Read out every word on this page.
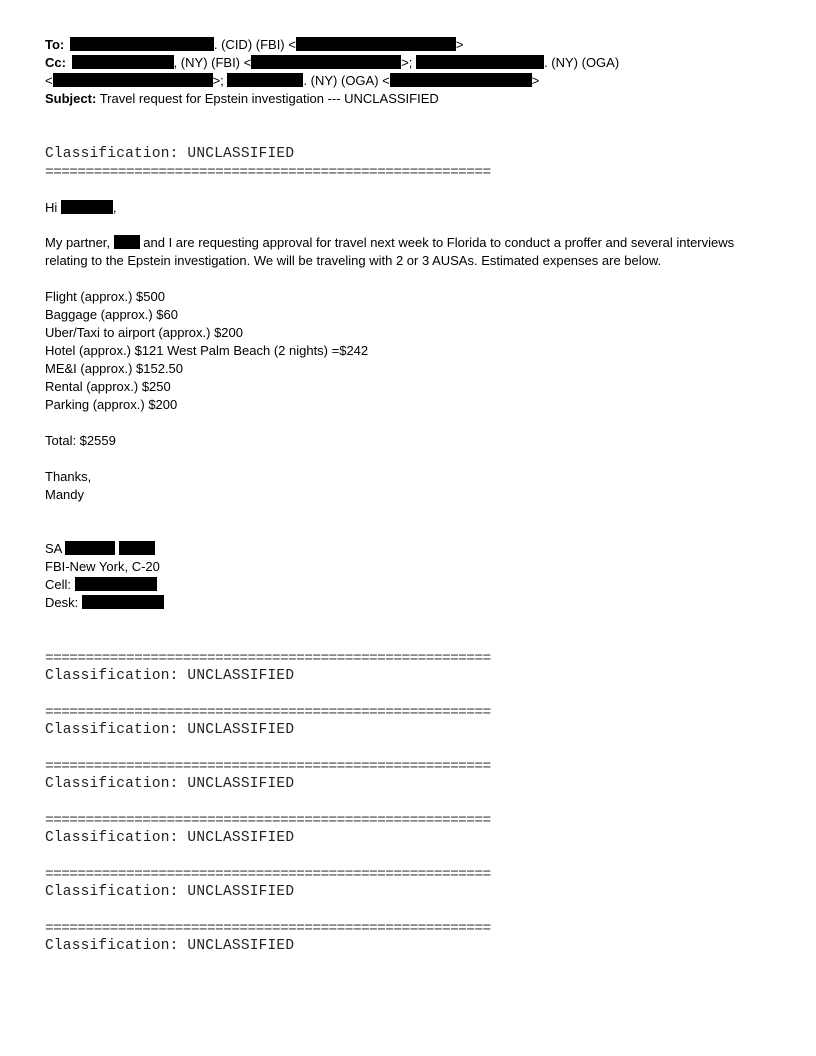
To:	. (CID) (FBI) <	>
Cc:	, (NY) (FBI) <	>;	. (NY) (OGA)
<	>;	. (NY) (OGA) <	>
Subject: Travel request for Epstein investigation --- UNCLASSIFIED
Classification: UNCLASSIFIED
=======================================================
Hi	,
My partner,	and I are requesting approval for travel next week to Florida to conduct a proffer and several interviews
relating to the Epstein investigation. We will be traveling with 2 or 3 AUSAs. Estimated expenses are below.
Flight (approx.) $500
Baggage (approx.) $60
Uber/Taxi to airport (approx.) $200
Hotel (approx.) $121 West Palm Beach (2 nights) =$242
ME&I (approx.) $152.50
Rental (approx.) $250
Parking (approx.) $200
Total: $2559
Thanks,
Mandy
SA
FBI-New York, C-20
Cell:
Desk:
=======================================================
Classification: UNCLASSIFIED
=======================================================
Classification: UNCLASSIFIED
=======================================================
Classification: UNCLASSIFIED
=======================================================
Classification: UNCLASSIFIED
=======================================================
Classification: UNCLASSIFIED
=======================================================
Classification: UNCLASSIFIED
